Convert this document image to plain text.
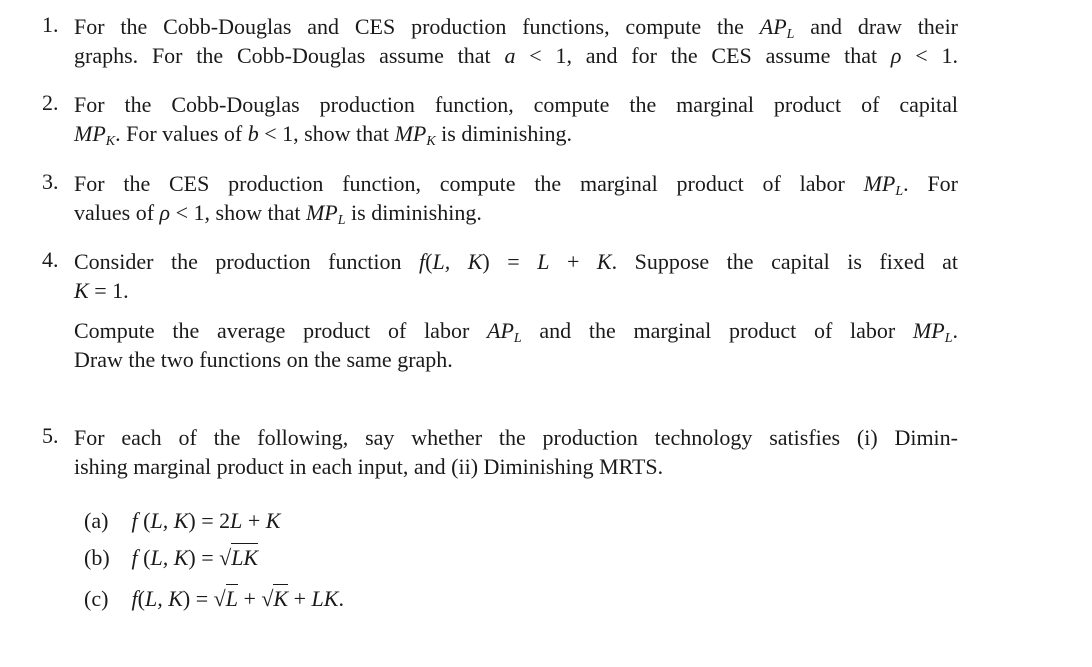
1. For the Cobb-Douglas and CES production functions, compute the $AP_L$ and draw their
graphs. For the Cobb-Douglas assume that a < 1, and for the CES assume that ρ < 1.
2. For the Cobb-Douglas production function, compute the marginal product of capital
$MP_K$. For values of b < 1, show that $MP_K$ is diminishing.
3. For the CES production function, compute the marginal product of labor $MP_L$. For
values of ρ < 1, show that $MP_L$ is diminishing.
4. Consider the production function f(L, K) = L + K. Suppose the capital is fixed at
K = 1.
Compute the average product of labor $AP_L$ and the marginal product of labor $MP_L$.
Draw the two functions on the same graph.
5. For each of the following, say whether the production technology satisfies (i) Dimin-
ishing marginal product in each input, and (ii) Diminishing MRTS.
(a) f (L, K) = 2L + K
(b) f (L, K) = √LK
(c) f(L, K) = √L + √K + LK.
